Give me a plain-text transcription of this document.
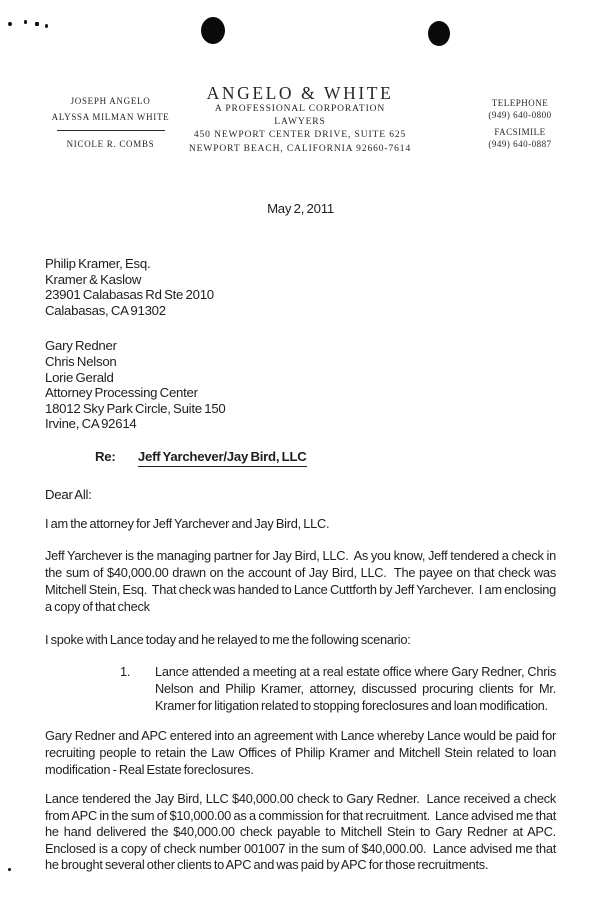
JOSEPH ANGELO
ALYSSA MILMAN WHITE
NICOLE R. COMBS
ANGELO & WHITE
A PROFESSIONAL CORPORATION
LAWYERS
450 NEWPORT CENTER DRIVE, SUITE 625
NEWPORT BEACH, CALIFORNIA 92660-7614
TELEPHONE
(949) 640-0800
FACSIMILE
(949) 640-0887
May 2, 2011
Philip Kramer, Esq.
Kramer & Kaslow
23901 Calabasas Rd Ste 2010
Calabasas, CA 91302
Gary Redner
Chris Nelson
Lorie Gerald
Attorney Processing Center
18012 Sky Park Circle, Suite 150
Irvine, CA 92614
Re: Jeff Yarchever/Jay Bird, LLC
Dear All:
I am the attorney for Jeff Yarchever and Jay Bird, LLC.
Jeff Yarchever is the managing partner for Jay Bird, LLC.  As you know, Jeff tendered a check in the sum of $40,000.00 drawn on the account of Jay Bird, LLC.  The payee on that check was Mitchell Stein, Esq.  That check was handed to Lance Cuttforth by Jeff Yarchever.  I am enclosing a copy of that check
I spoke with Lance today and he relayed to me the following scenario:
1.	Lance attended a meeting at a real estate office where Gary Redner, Chris Nelson and Philip Kramer, attorney, discussed procuring clients for Mr. Kramer for litigation related to stopping foreclosures and loan modification.
Gary Redner and APC entered into an agreement with Lance whereby Lance would be paid for recruiting people to retain the Law Offices of Philip Kramer and Mitchell Stein related to loan modification - Real Estate foreclosures.
Lance tendered the Jay Bird, LLC $40,000.00 check to Gary Redner.  Lance received a check from APC in the sum of $10,000.00 as a commission for that recruitment.  Lance advised me that he hand delivered the $40,000.00 check payable to Mitchell Stein to Gary Redner at APC.  Enclosed is a copy of check number 001007 in the sum of $40,000.00.  Lance advised me that he brought several other clients to APC and was paid by APC for those recruitments.
